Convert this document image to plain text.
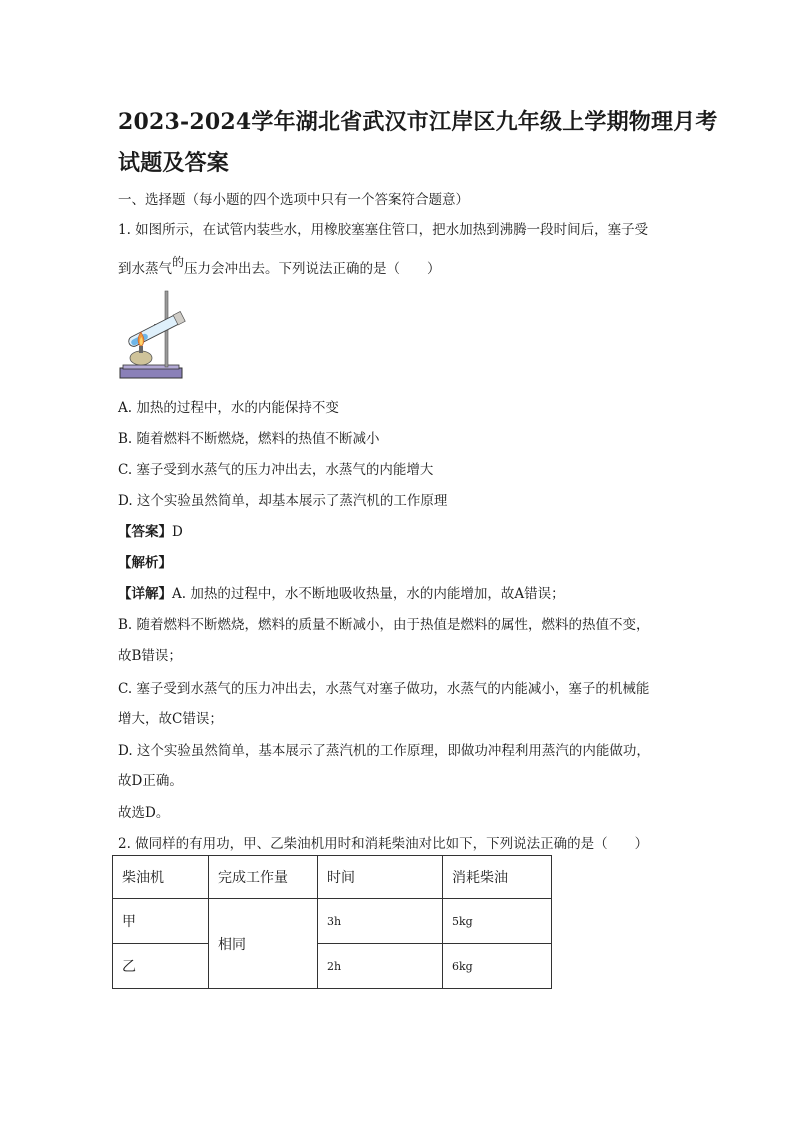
2023-2024学年湖北省武汉市江岸区九年级上学期物理月考
试题及答案
一、选择题（每小题的四个选项中只有一个答案符合题意）
1. 如图所示，在试管内装些水，用橡胶塞塞住管口，把水加热到沸腾一段时间后，塞子受
到水蒸气的压力会冲出去。下列说法正确的是（　　）
A. 加热的过程中，水的内能保持不变
B. 随着燃料不断燃烧，燃料的热值不断减小
C. 塞子受到水蒸气的压力冲出去，水蒸气的内能增大
D. 这个实验虽然简单，却基本展示了蒸汽机的工作原理
【答案】D
【解析】
【详解】A. 加热的过程中，水不断地吸收热量，水的内能增加，故A错误；
B. 随着燃料不断燃烧，燃料的质量不断减小，由于热值是燃料的属性，燃料的热值不变，
故B错误；
C. 塞子受到水蒸气的压力冲出去，水蒸气对塞子做功，水蒸气的内能减小，塞子的机械能
增大，故C错误；
D. 这个实验虽然简单，基本展示了蒸汽机的工作原理，即做功冲程利用蒸汽的内能做功，
故D正确。
故选D。
2. 做同样的有用功，甲、乙柴油机用时和消耗柴油对比如下，下列说法正确的是（　　）
柴油机	完成工作量	时间	消耗柴油
甲	相同	3h	5kg
乙		2h	6kg
